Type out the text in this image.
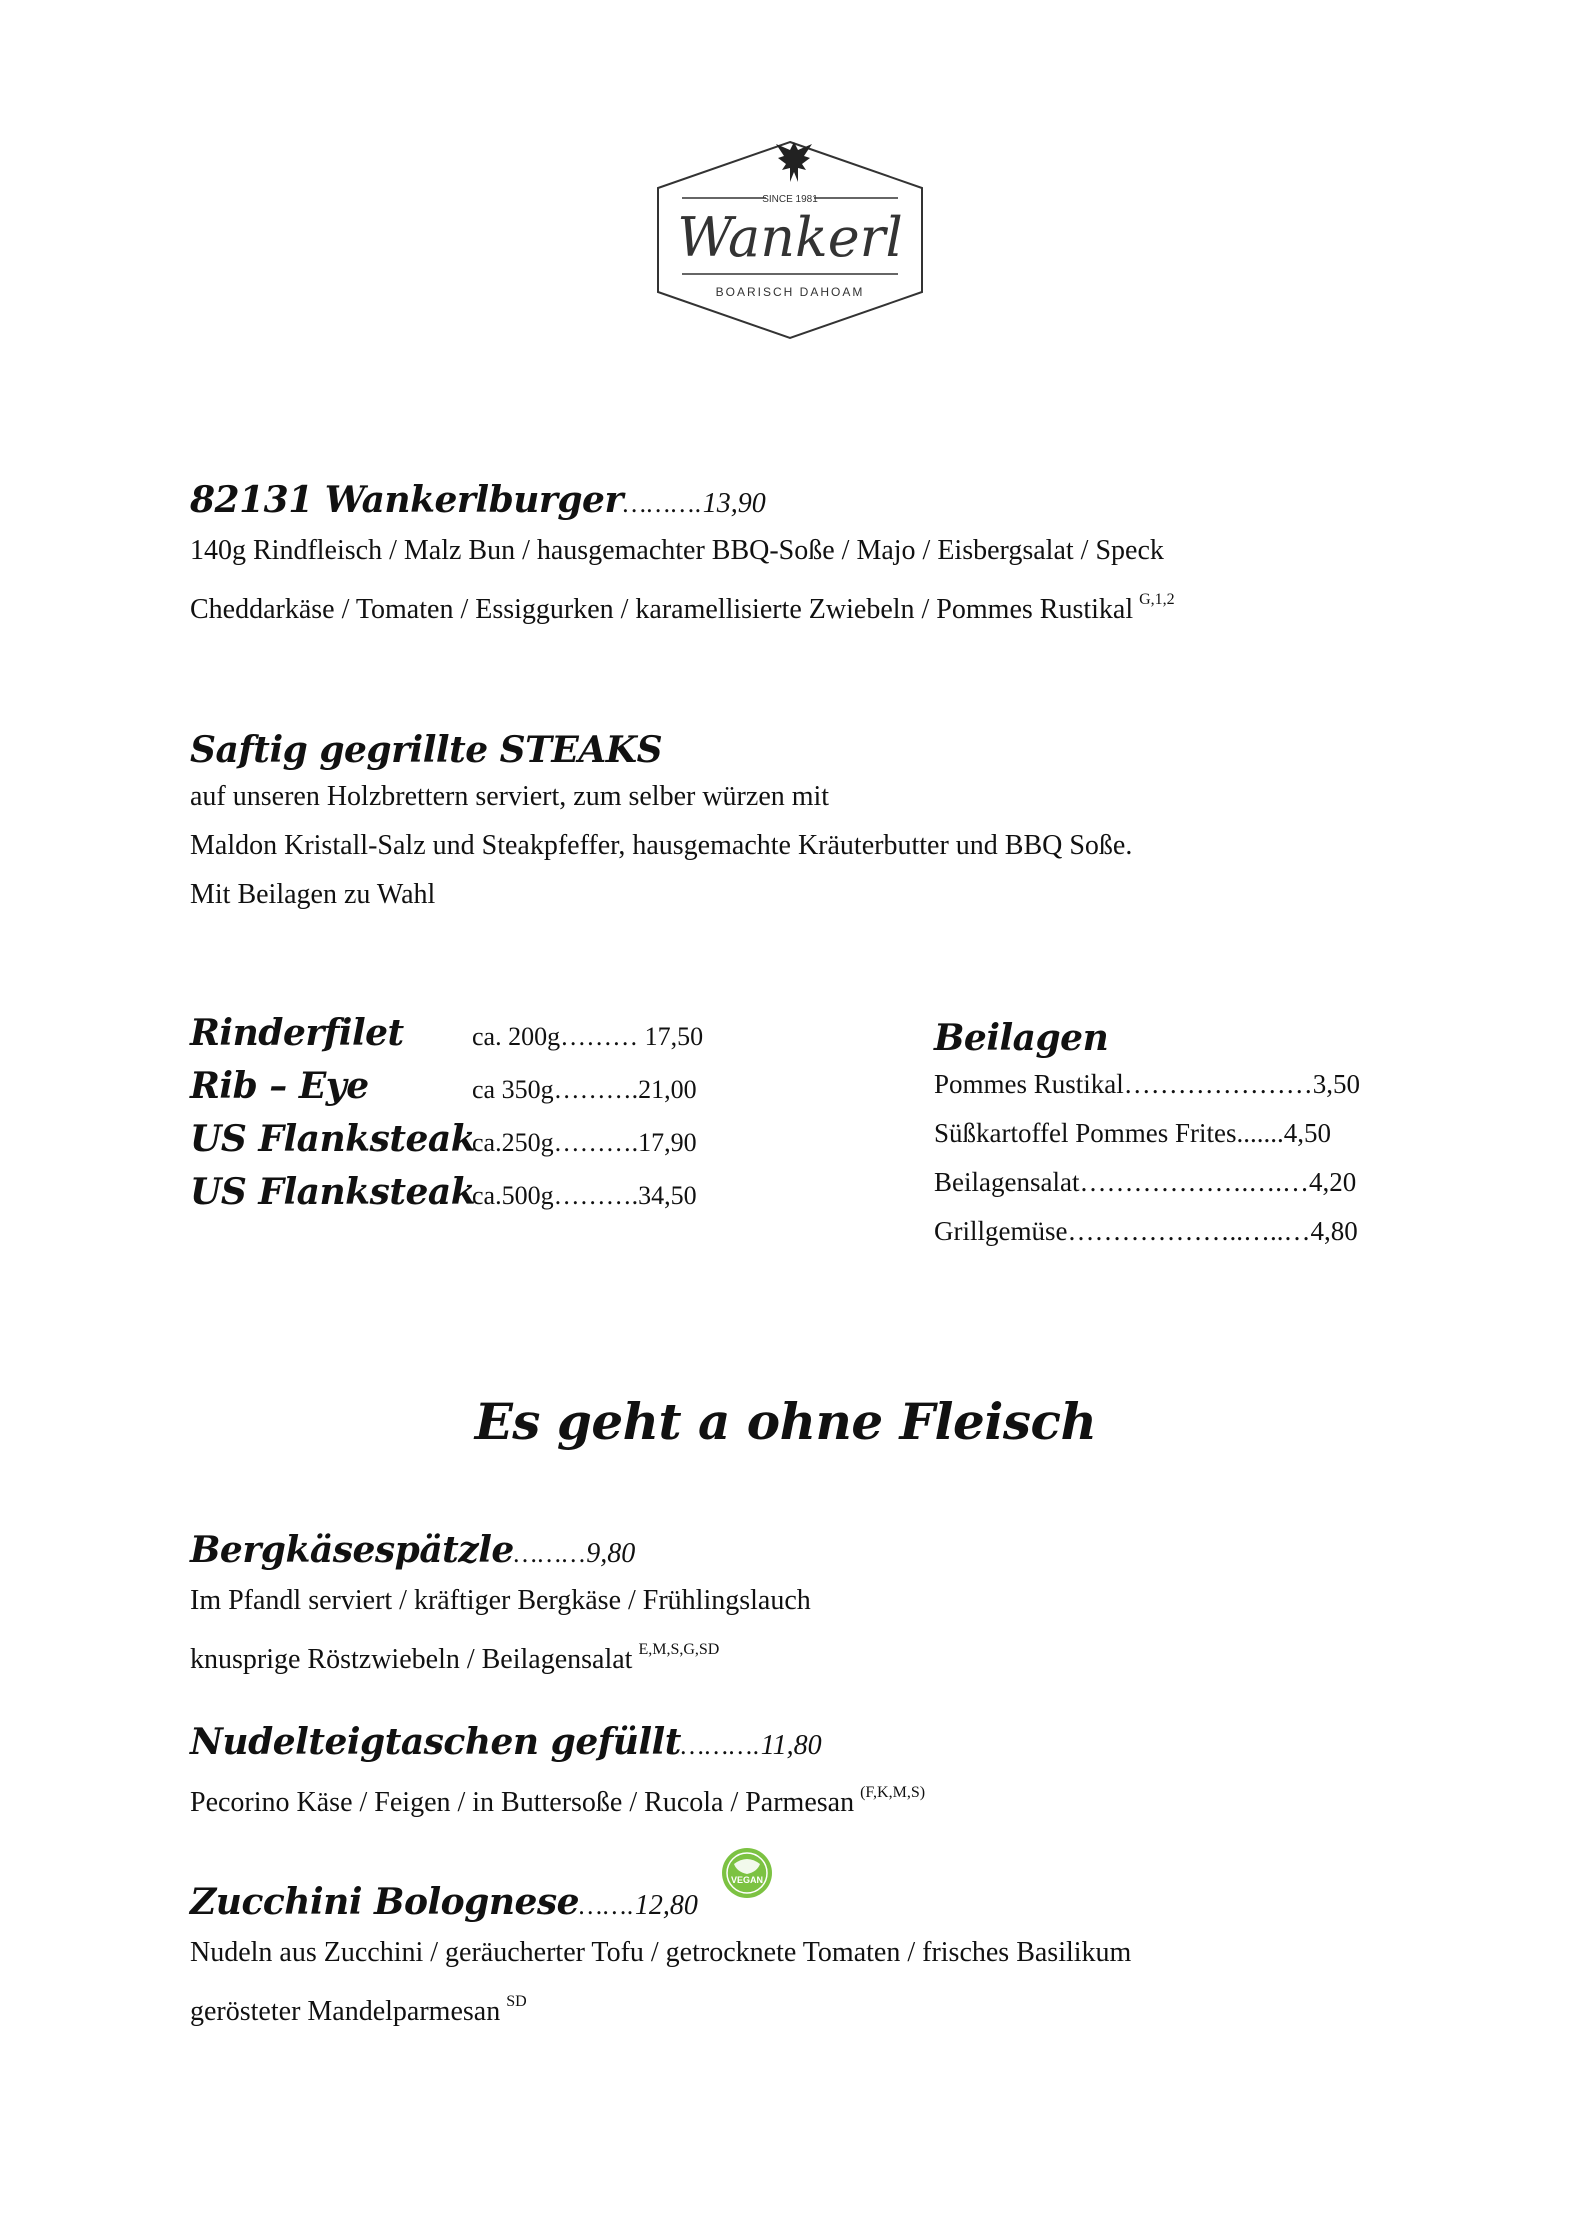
SINCE 1981
Wankerl
BOARISCH DAHOAM
82131 Wankerlburger……….13,90
140g Rindfleisch / Malz Bun / hausgemachter BBQ-Soße / Majo / Eisbergsalat / Speck
Cheddarkäse / Tomaten / Essiggurken / karamellisierte Zwiebeln / Pommes Rustikal $^{G,1,2}$
Saftig gegrillte STEAKS
auf unseren Holzbrettern serviert, zum selber würzen mit
Maldon Kristall-Salz und Steakpfeffer, hausgemachte Kräuterbutter und BBQ Soße.
Mit Beilagen zu Wahl
Rinderfilet	ca. 200g……… 17,50
Rib – Eye	ca 350g……….21,00
US Flanksteak
ca.250g……….17,90
US Flanksteak
ca.500g……….34,50
Beilagen
Pommes Rustikal…………………3,50
Süßkartoffel Pommes Frites.......4,50
Beilagensalat……………….….…4,20
Grillgemüse………………..…..…4,80
Es geht a ohne Fleisch
Bergkäsespätzle………9,80
Im Pfandl serviert / kräftiger Bergkäse / Frühlingslauch
knusprige Röstzwiebeln / Beilagensalat $^{E,M,S,G,SD}$
Nudelteigtaschen gefüllt……….11,80
Pecorino Käse / Feigen / in Buttersoße / Rucola / Parmesan $^{(F,K,M,S)}$
Zucchini Bolognese…….12,80
VEGAN
Nudeln aus Zucchini / geräucherter Tofu / getrocknete Tomaten / frisches Basilikum
gerösteter Mandelparmesan $^{SD}$
